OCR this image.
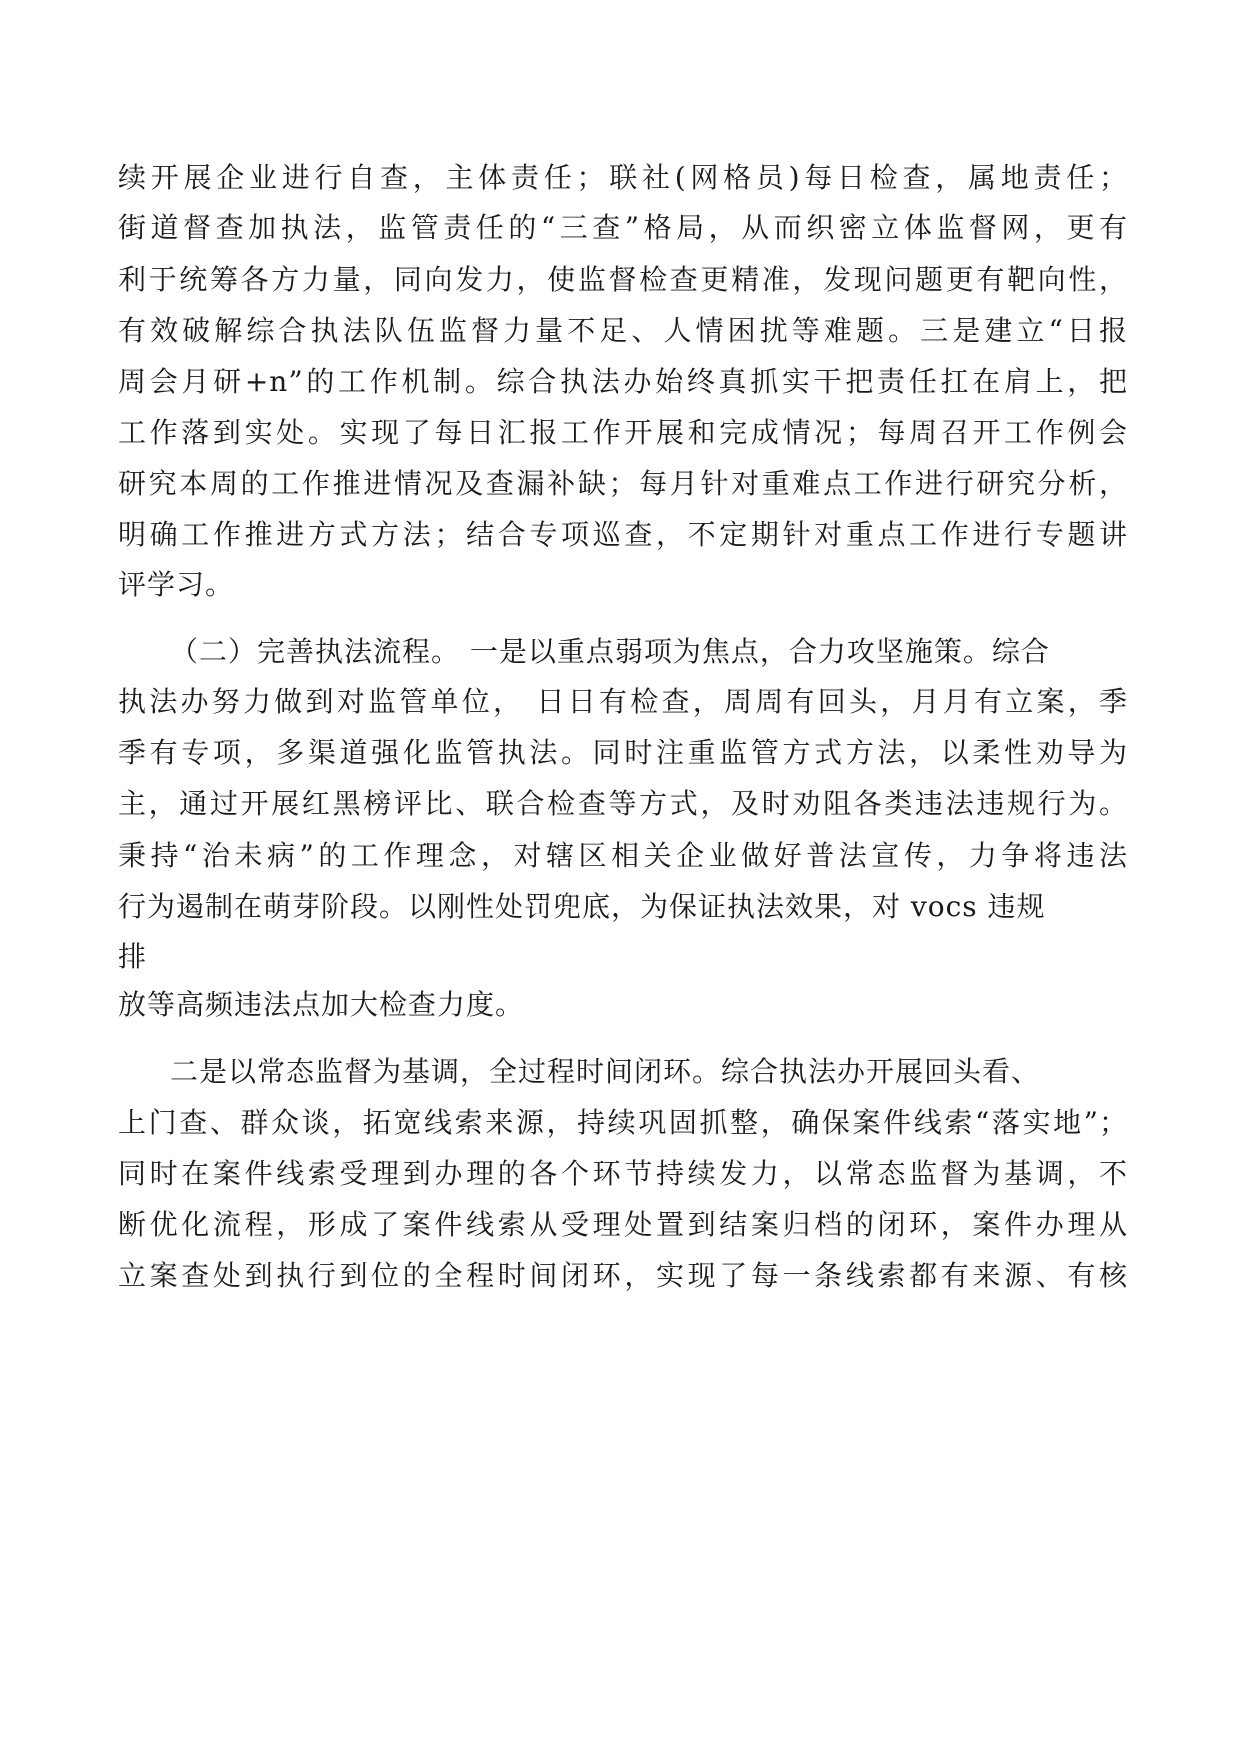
续开展企业进行自查，主体责任；联社(网格员)每日检查，属地责任；
街道督查加执法，监管责任的“三查”格局，从而织密立体监督网，更有
利于统筹各方力量，同向发力，使监督检查更精准，发现问题更有靶向性，
有效破解综合执法队伍监督力量不足、人情困扰等难题。三是建立“日报
周会月研+n”的工作机制。综合执法办始终真抓实干把责任扛在肩上，把
工作落到实处。实现了每日汇报工作开展和完成情况；每周召开工作例会
研究本周的工作推进情况及查漏补缺；每月针对重难点工作进行研究分析，
明确工作推进方式方法；结合专项巡查，不定期针对重点工作进行专题讲
评学习。
（二）完善执法流程。 一是以重点弱项为焦点，合力攻坚施策。综合
执法办努力做到对监管单位， 日日有检查，周周有回头，月月有立案，季
季有专项，多渠道强化监管执法。同时注重监管方式方法，以柔性劝导为
主，通过开展红黑榜评比、联合检查等方式，及时劝阻各类违法违规行为。
秉持“治未病”的工作理念，对辖区相关企业做好普法宣传，力争将违法
行为遏制在萌芽阶段。以刚性处罚兜底，为保证执法效果，对 vocs 违规
排
放等高频违法点加大检查力度。
二是以常态监督为基调，全过程时间闭环。综合执法办开展回头看、
上门查、群众谈，拓宽线索来源，持续巩固抓整，确保案件线索“落实地”；
同时在案件线索受理到办理的各个环节持续发力，以常态监督为基调，不
断优化流程，形成了案件线索从受理处置到结案归档的闭环，案件办理从
立案查处到执行到位的全程时间闭环，实现了每一条线索都有来源、有核
